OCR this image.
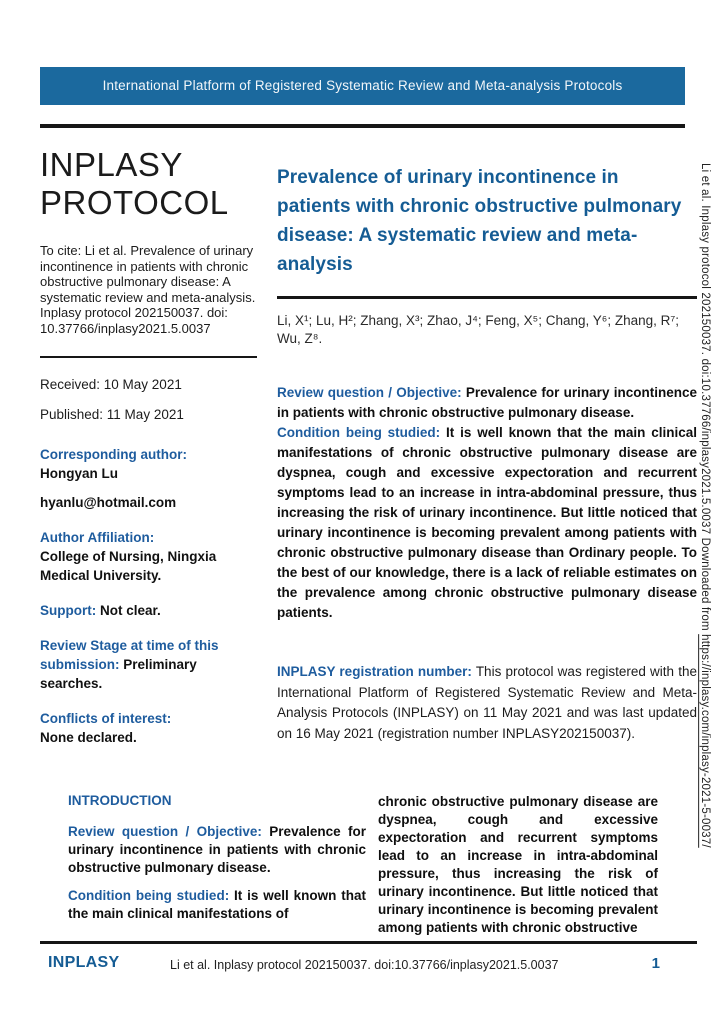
International Platform of Registered Systematic Review and Meta-analysis Protocols
INPLASY
PROTOCOL

To cite: Li et al. Prevalence of urinary incontinence in patients with chronic obstructive pulmonary disease: A systematic review and meta-analysis. Inplasy protocol 202150037. doi: 10.37766/inplasy2021.5.0037

Received: 10 May 2021

Published: 11 May 2021

Corresponding author:
Hongyan Lu

hyanlu@hotmail.com

Author Affiliation:
College of Nursing, Ningxia Medical University.

Support: Not clear.

Review Stage at time of this submission: Preliminary searches.

Conflicts of interest:
None declared.

Prevalence of urinary incontinence in patients with chronic obstructive pulmonary disease: A systematic review and meta-analysis

Li, X¹; Lu, H²; Zhang, X³; Zhao, J⁴; Feng, X⁵; Chang, Y⁶; Zhang, R⁷; Wu, Z⁸.

Review question / Objective: Prevalence for urinary incontinence in patients with chronic obstructive pulmonary disease.

Condition being studied: It is well known that the main clinical manifestations of chronic obstructive pulmonary disease are dyspnea, cough and excessive expectoration and recurrent symptoms lead to an increase in intra-abdominal pressure, thus increasing the risk of urinary incontinence. But little noticed that urinary incontinence is becoming prevalent among patients with chronic obstructive pulmonary disease than Ordinary people. To the best of our knowledge, there is a lack of reliable estimates on the prevalence among chronic obstructive pulmonary disease patients.

INPLASY registration number: This protocol was registered with the International Platform of Registered Systematic Review and Meta-Analysis Protocols (INPLASY) on 11 May 2021 and was last updated on 16 May 2021 (registration number INPLASY202150037).

INTRODUCTION

Review question / Objective: Prevalence for urinary incontinence in patients with chronic obstructive pulmonary disease.

Condition being studied: It is well known that the main clinical manifestations of

chronic obstructive pulmonary disease are dyspnea, cough and excessive expectoration and recurrent symptoms lead to an increase in intra-abdominal pressure, thus increasing the risk of urinary incontinence. But little noticed that urinary incontinence is becoming prevalent among patients with chronic obstructive

INPLASY	Li et al. Inplasy protocol 202150037. doi:10.37766/inplasy2021.5.0037	1
Li et al. Inplasy protocol 202150037. doi:10.37766/inplasy2021.5.0037 Downloaded from https://inplasy.com/inplasy-2021-5-0037/
